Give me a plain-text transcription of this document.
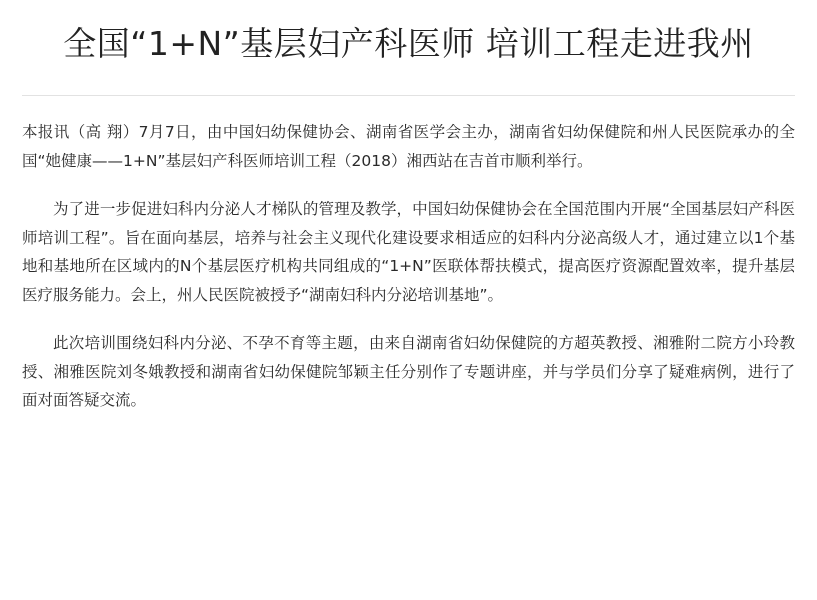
全国“1+N”基层妇产科医师 培训工程走进我州

本报讯（高 翔）7月7日，由中国妇幼保健协会、湖南省医学会主办，湖南省妇幼保健院和州人民医院承办的全国“她健康——1+N”基层妇产科医师培训工程（2018）湘西站在吉首市顺利举行。

为了进一步促进妇科内分泌人才梯队的管理及教学，中国妇幼保健协会在全国范围内开展“全国基层妇产科医师培训工程”。旨在面向基层，培养与社会主义现代化建设要求相适应的妇科内分泌高级人才，通过建立以1个基地和基地所在区域内的N个基层医疗机构共同组成的“1+N”医联体帮扶模式，提高医疗资源配置效率，提升基层医疗服务能力。会上，州人民医院被授予“湖南妇科内分泌培训基地”。

此次培训围绕妇科内分泌、不孕不育等主题，由来自湖南省妇幼保健院的方超英教授、湘雅附二院方小玲教授、湘雅医院刘冬娥教授和湖南省妇幼保健院邹颖主任分别作了专题讲座，并与学员们分享了疑难病例，进行了面对面答疑交流。
